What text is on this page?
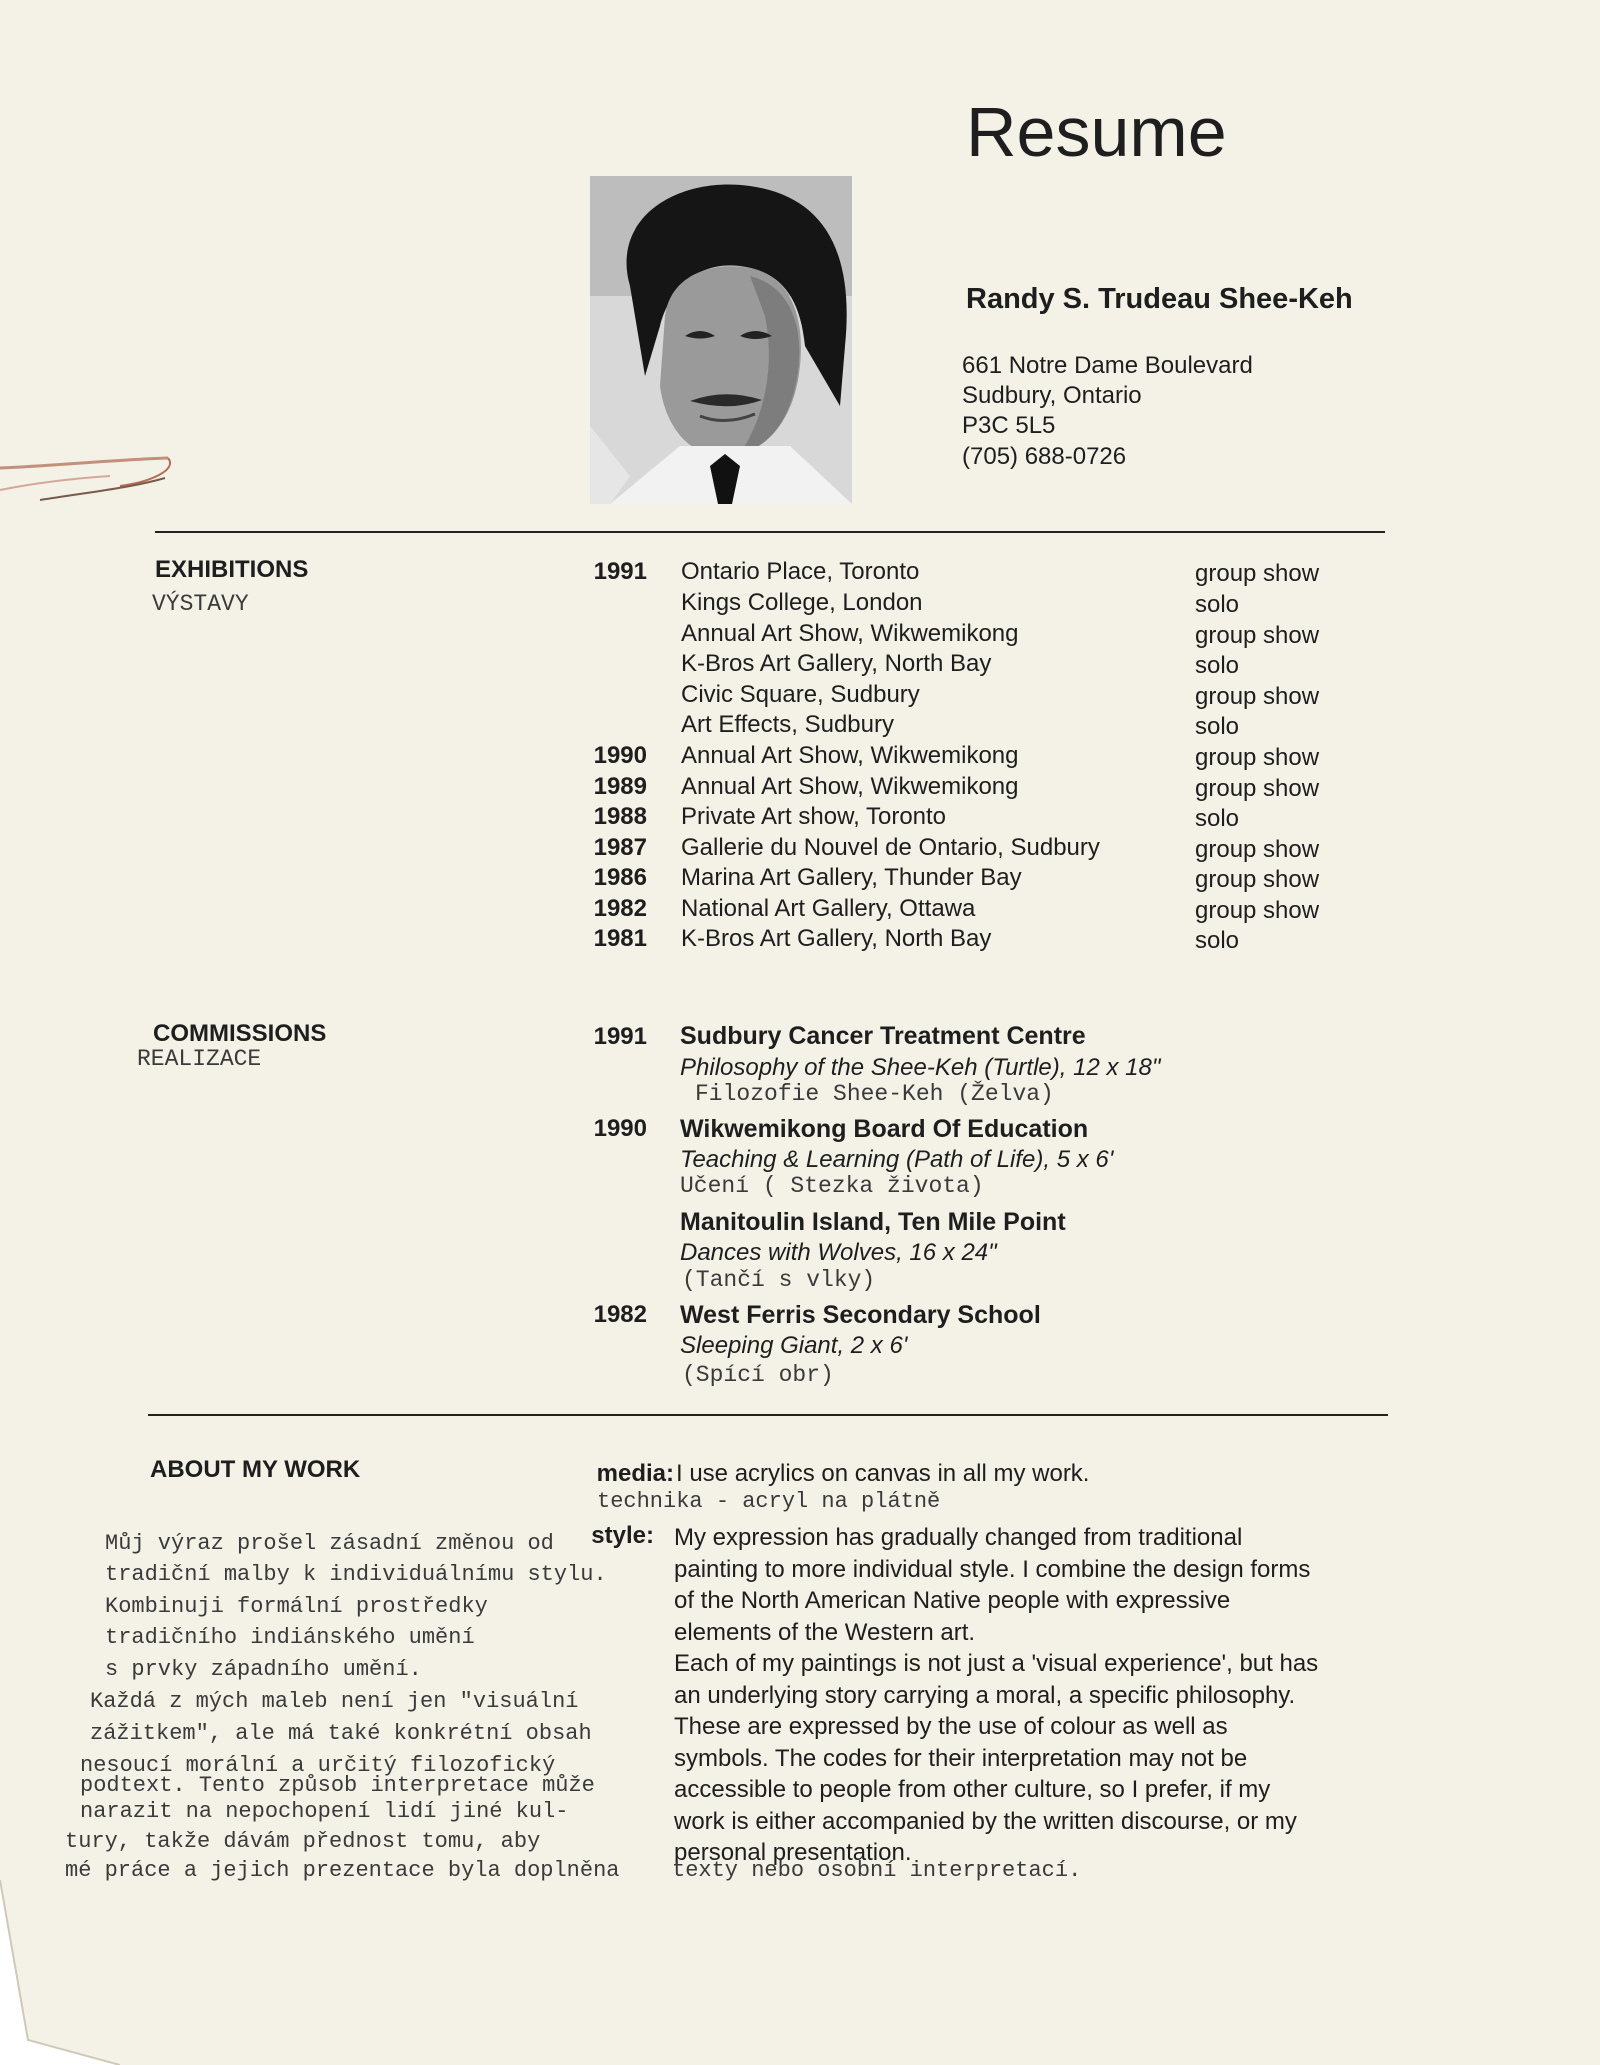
Resume
Randy S. Trudeau Shee-Keh
661 Notre Dame Boulevard
Sudbury, Ontario
P3C 5L5
(705) 688-0726
EXHIBITIONS
VÝSTAVY
1991 Ontario Place, Toronto	group show
Kings College, London	solo
Annual Art Show, Wikwemikong	group show
K-Bros Art Gallery, North Bay	solo
Civic Square, Sudbury	group show
Art Effects, Sudbury	solo
1990 Annual Art Show, Wikwemikong	group show
1989 Annual Art Show, Wikwemikong	group show
1988 Private Art show, Toronto	solo
1987 Gallerie du Nouvel de Ontario, Sudbury	group show
1986 Marina Art Gallery, Thunder Bay	group show
1982 National Art Gallery, Ottawa	group show
1981 K-Bros Art Gallery, North Bay	solo
COMMISSIONS
REALIZACE
1991 Sudbury Cancer Treatment Centre
Philosophy of the Shee-Keh (Turtle), 12 x 18"
Filozofie Shee-Keh (Želva)
1990 Wikwemikong Board Of Education
Teaching & Learning (Path of Life), 5 x 6'
Učení ( Stezka života)
Manitoulin Island, Ten Mile Point
Dances with Wolves, 16 x 24"
(Tančí s vlky)
1982 West Ferris Secondary School
Sleeping Giant, 2 x 6'
(Spící obr)
ABOUT MY WORK	media: I use acrylics on canvas in all my work.
technika - acryl na plátně
style: My expression has gradually changed from traditional
painting to more individual style. I combine the design forms
of the North American Native people with expressive
elements of the Western art.
Each of my paintings is not just a 'visual experience', but has
an underlying story carrying a moral, a specific philosophy.
These are expressed by the use of colour as well as
symbols. The codes for their interpretation may not be
accessible to people from other culture, so I prefer, if my
work is either accompanied by the written discourse, or my
personal presentation.
Můj výraz prošel zásadní změnou od
tradiční malby k individuálnímu stylu.
Kombinuji formální prostředky
tradičního indiánského umění
s prvky západního umění.
Každá z mých maleb není jen "visuální
zážitkem", ale má také konkrétní obsah
nesoucí morální a určitý filozofický
podtext. Tento způsob interpretace může
narazit na nepochopení lidí jiné kul-
tury, takže dávám přednost tomu, aby
mé práce a jejich prezentace byla doplněna texty nebo osobní interpretací.
